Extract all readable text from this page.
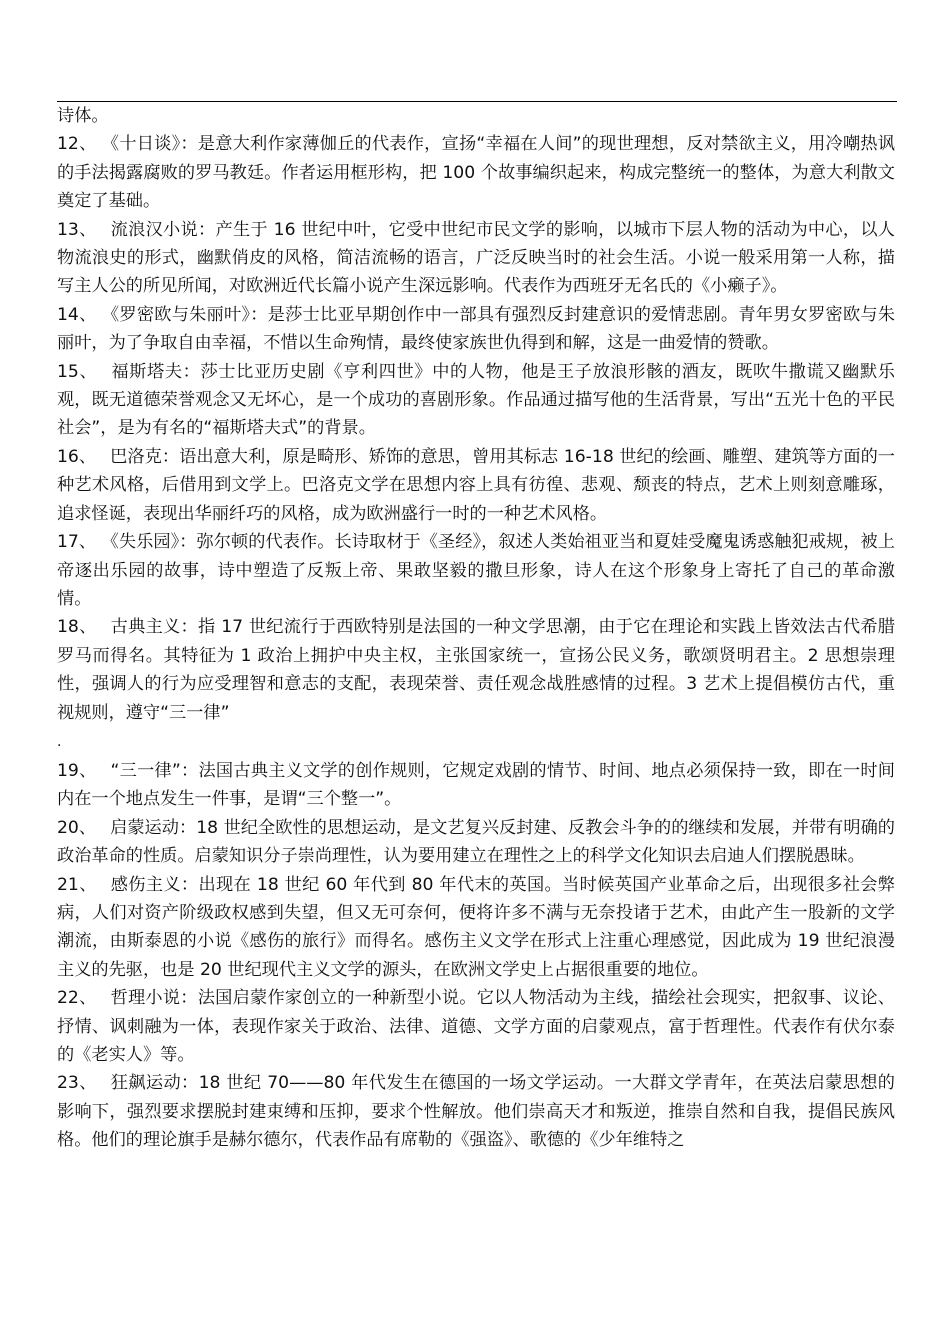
诗体。

12、 《十日谈》：是意大利作家薄伽丘的代表作，宣扬“幸福在人间”的现世理想，反对禁欲主义，用冷嘲热讽的手法揭露腐败的罗马教廷。作者运用框形构，把 100 个故事编织起来，构成完整统一的整体，为意大利散文奠定了基础。

13、 流浪汉小说：产生于 16 世纪中叶，它受中世纪市民文学的影响，以城市下层人物的活动为中心，以人物流浪史的形式，幽默俏皮的风格，简洁流畅的语言，广泛反映当时的社会生活。小说一般采用第一人称，描写主人公的所见所闻，对欧洲近代长篇小说产生深远影响。代表作为西班牙无名氏的《小癞子》。

14、 《罗密欧与朱丽叶》：是莎士比亚早期创作中一部具有强烈反封建意识的爱情悲剧。青年男女罗密欧与朱丽叶，为了争取自由幸福，不惜以生命殉情，最终使家族世仇得到和解，这是一曲爱情的赞歌。

15、 福斯塔夫：莎士比亚历史剧《亨利四世》中的人物，他是王子放浪形骸的酒友，既吹牛撒谎又幽默乐观，既无道德荣誉观念又无坏心，是一个成功的喜剧形象。作品通过描写他的生活背景，写出“五光十色的平民社会”，是为有名的“福斯塔夫式”的背景。

16、 巴洛克：语出意大利，原是畸形、矫饰的意思，曾用其标志 16-18 世纪的绘画、雕塑、建筑等方面的一种艺术风格，后借用到文学上。巴洛克文学在思想内容上具有彷徨、悲观、颓丧的特点，艺术上则刻意雕琢，追求怪诞，表现出华丽纤巧的风格，成为欧洲盛行一时的一种艺术风格。

17、 《失乐园》：弥尔顿的代表作。长诗取材于《圣经》，叙述人类始祖亚当和夏娃受魔鬼诱惑触犯戒规，被上帝逐出乐园的故事，诗中塑造了反叛上帝、果敢坚毅的撒旦形象，诗人在这个形象身上寄托了自己的革命激情。

18、 古典主义：指 17 世纪流行于西欧特别是法国的一种文学思潮，由于它在理论和实践上皆效法古代希腊罗马而得名。其特征为 1 政治上拥护中央主权，主张国家统一，宣扬公民义务，歌颂贤明君主。2 思想崇理性，强调人的行为应受理智和意志的支配，表现荣誉、责任观念战胜感情的过程。3 艺术上提倡模仿古代，重视规则，遵守“三一律”

.

19、 “三一律”：法国古典主义文学的创作规则，它规定戏剧的情节、时间、地点必须保持一致，即在一时间内在一个地点发生一件事，是谓“三个整一”。

20、 启蒙运动：18 世纪全欧性的思想运动，是文艺复兴反封建、反教会斗争的的继续和发展，并带有明确的政治革命的性质。启蒙知识分子崇尚理性，认为要用建立在理性之上的科学文化知识去启迪人们摆脱愚昧。

21、 感伤主义：出现在 18 世纪 60 年代到 80 年代末的英国。当时候英国产业革命之后，出现很多社会弊病，人们对资产阶级政权感到失望，但又无可奈何，便将许多不满与无奈投诸于艺术，由此产生一股新的文学潮流，由斯泰恩的小说《感伤的旅行》而得名。感伤主义文学在形式上注重心理感觉，因此成为 19 世纪浪漫主义的先驱，也是 20 世纪现代主义文学的源头，在欧洲文学史上占据很重要的地位。

22、 哲理小说：法国启蒙作家创立的一种新型小说。它以人物活动为主线，描绘社会现实，把叙事、议论、抒情、讽刺融为一体，表现作家关于政治、法律、道德、文学方面的启蒙观点，富于哲理性。代表作有伏尔泰的《老实人》等。

23、 狂飙运动：18 世纪 70——80 年代发生在德国的一场文学运动。一大群文学青年，在英法启蒙思想的影响下，强烈要求摆脱封建束缚和压抑，要求个性解放。他们崇高天才和叛逆，推崇自然和自我，提倡民族风格。他们的理论旗手是赫尔德尔，代表作品有席勒的《强盗》、歌德的《少年维特之
